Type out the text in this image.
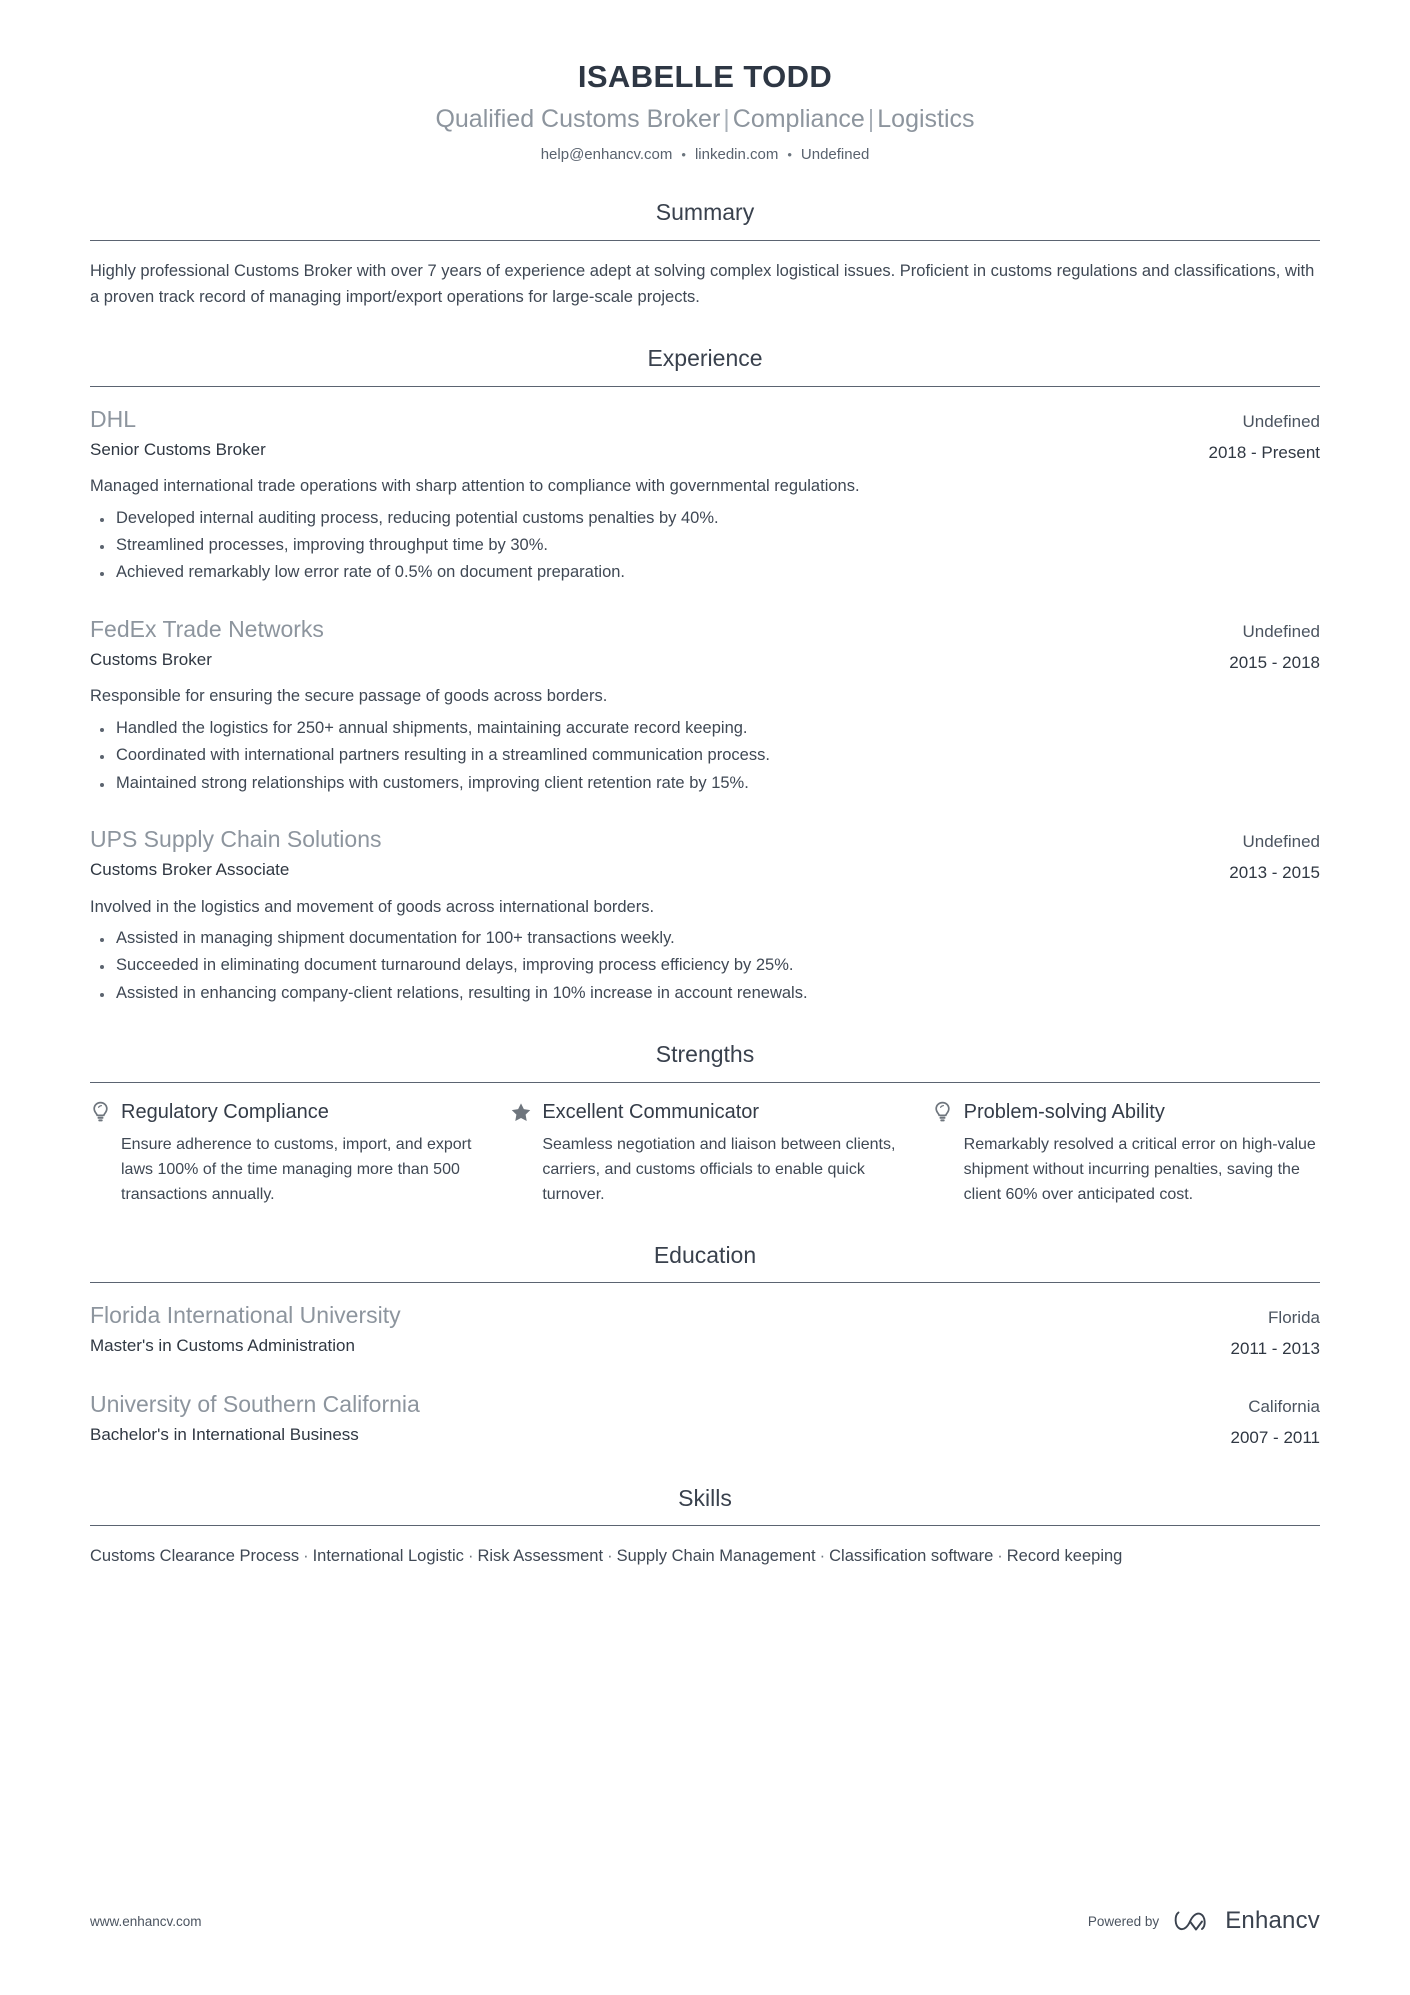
ISABELLE TODD
Qualified Customs Broker | Compliance | Logistics
help@enhancv.com • linkedin.com • Undefined
Summary
Highly professional Customs Broker with over 7 years of experience adept at solving complex logistical issues. Proficient in customs regulations and classifications, with a proven track record of managing import/export operations for large-scale projects.
Experience
DHL
Senior Customs Broker
Undefined
2018 - Present
Managed international trade operations with sharp attention to compliance with governmental regulations.
Developed internal auditing process, reducing potential customs penalties by 40%.
Streamlined processes, improving throughput time by 30%.
Achieved remarkably low error rate of 0.5% on document preparation.
FedEx Trade Networks
Customs Broker
Undefined
2015 - 2018
Responsible for ensuring the secure passage of goods across borders.
Handled the logistics for 250+ annual shipments, maintaining accurate record keeping.
Coordinated with international partners resulting in a streamlined communication process.
Maintained strong relationships with customers, improving client retention rate by 15%.
UPS Supply Chain Solutions
Customs Broker Associate
Undefined
2013 - 2015
Involved in the logistics and movement of goods across international borders.
Assisted in managing shipment documentation for 100+ transactions weekly.
Succeeded in eliminating document turnaround delays, improving process efficiency by 25%.
Assisted in enhancing company-client relations, resulting in 10% increase in account renewals.
Strengths
Regulatory Compliance
Ensure adherence to customs, import, and export laws 100% of the time managing more than 500 transactions annually.
Excellent Communicator
Seamless negotiation and liaison between clients, carriers, and customs officials to enable quick turnover.
Problem-solving Ability
Remarkably resolved a critical error on high-value shipment without incurring penalties, saving the client 60% over anticipated cost.
Education
Florida International University
Master's in Customs Administration
Florida
2011 - 2013
University of Southern California
Bachelor's in International Business
California
2007 - 2011
Skills
Customs Clearance Process · International Logistic · Risk Assessment · Supply Chain Management · Classification software · Record keeping
www.enhancv.com	Powered by	Enhancv
